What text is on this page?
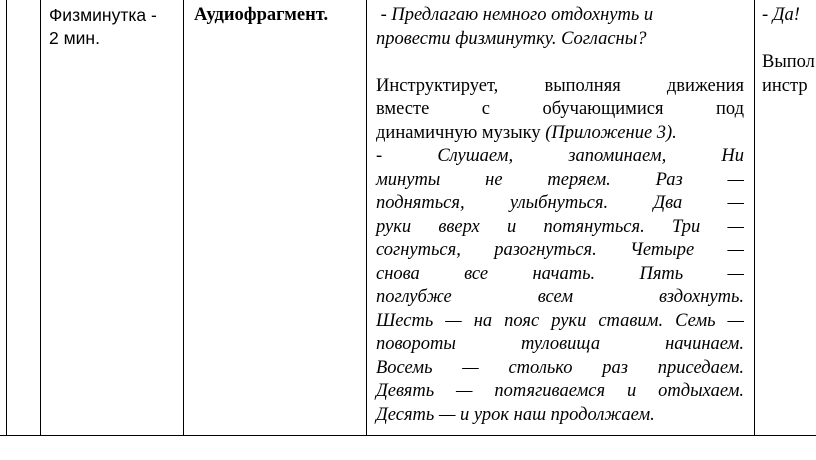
Физминутка -
2 мин.
Аудиофрагмент.	- Предлагаю немного отдохнуть и
провести физминутку. Согласны?
Инструктирует, выполняя движения
вместе с обучающимися под
динамичную музыку (Приложение 3).
- Слушаем, запоминаем, Ни
минуты не теряем. Раз —
подняться, улыбнуться. Два —
руки вверх и потянуться. Три —
согнуться, разогнуться. Четыре —
снова все начать. Пять —
поглубже всем вздохнуть.
Шесть — на пояс руки ставим. Семь —
повороты туловища начинаем.
Восемь — столько раз приседаем.
Девять — потягиваемся и отдыхаем.
Десять — и урок наш продолжаем.
- Да!
Выпол
инстр
